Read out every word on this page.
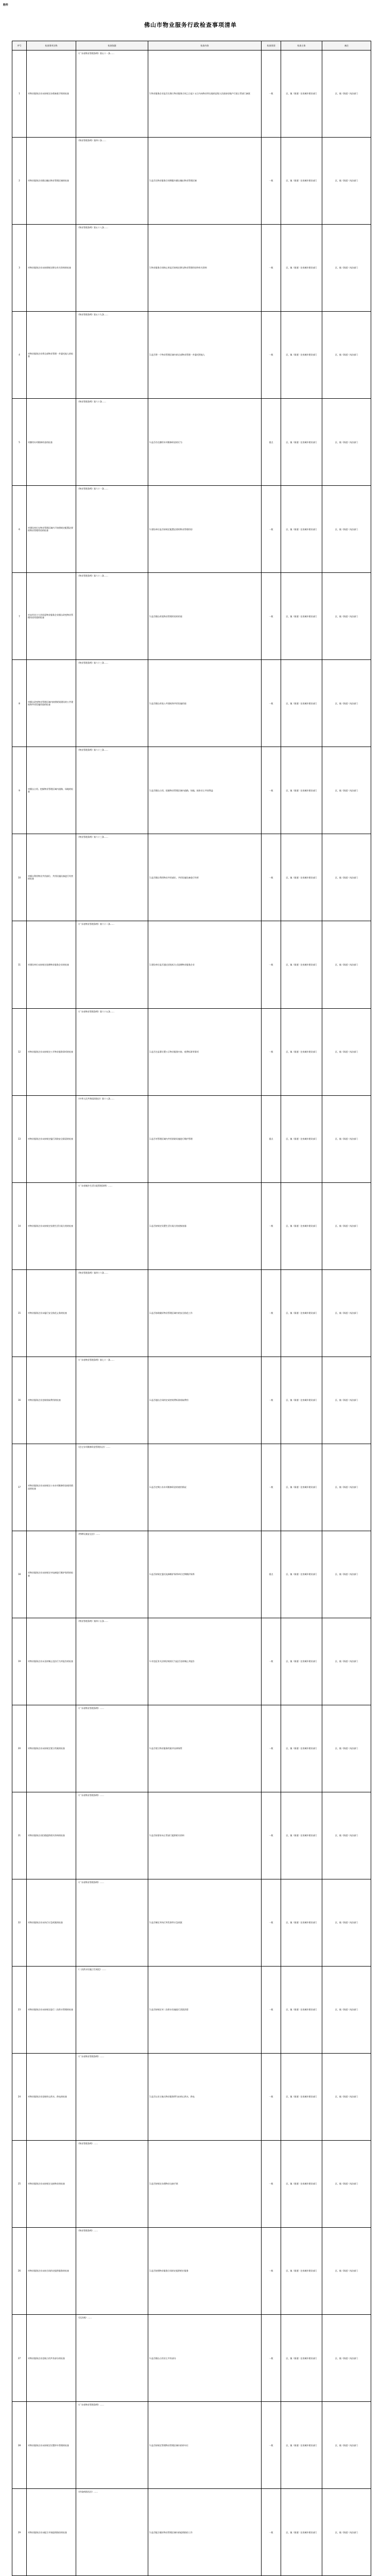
附件
佛山市物业服务行政检查事项清单
序号	检查事项名称	检查依据	检查内容	检查类别	检查主体	备注
1	对物业服务企业未按规定办理备案手续的检查	《广东省物业管理条例》第五十一条……	1.物业服务企业是否在签订物业服务合同之日起十五日内向物业所在地的县级人民政府房地产行政主管部门备案	一般	区、镇（街道）住房城乡建设部门	区、镇（街道）执法部门
2	对物业服务企业擅自撤出物业管理区域的检查	《物业管理条例》第四十条……	1.是否在物业服务合同期限内擅自撤出物业管理区域	一般	区、镇（街道）住房城乡建设部门	区、镇（街道）执法部门
3	对物业服务企业未按照规定移交有关资料的检查	《物业管理条例》第五十八条……	1.物业服务合同终止时是否按规定移交物业管理用房和有关资料	一般	区、镇（街道）住房城乡建设部门	区、镇（街道）执法部门
4	对物业服务企业将全部物业管理一并委托他人的检查	《物业管理条例》第五十九条……	1.是否将一个物业管理区域内的全部物业管理一并委托给他人	一般	区、镇（街道）住房城乡建设部门	区、镇（街道）执法部门
5	对挪用专项维修资金的检查	《物业管理条例》第六十条……	1.是否存在挪用专项维修资金的行为	重点	区、镇（街道）住房城乡建设部门	区、镇（街道）执法部门
6	对建设单位在物业管理区域内不按照规定配置必要的物业管理用房的检查	《物业管理条例》第六十一条……	1.建设单位是否按规定配置必要的物业管理用房	一般	区、镇（街道）住房城乡建设部门	区、镇（街道）执法部门
7	对未经业主大会同意物业服务企业擅自改变物业管理用房用途的检查	《物业管理条例》第六十二条……	1.是否擅自改变物业管理用房的用途	一般	区、镇（街道）住房城乡建设部门	区、镇（街道）执法部门
8	对擅自改变物业管理区域内按照规划建设的公共建筑和共用设施用途的检查	《物业管理条例》第六十三条……	1.是否擅自改变公共建筑和共用设施用途	一般	区、镇（街道）住房城乡建设部门	区、镇（街道）执法部门
9	对擅自占用、挖掘物业管理区域内道路、场地的检查	《物业管理条例》第六十三条……	1.是否擅自占用、挖掘物业管理区域内道路、场地，损害业主共同利益	一般	区、镇（街道）住房城乡建设部门	区、镇（街道）执法部门
10	对擅自利用物业共用部位、共用设施设备进行经营的检查	《物业管理条例》第六十三条……	1.是否擅自利用物业共用部位、共用设施设备进行经营	一般	区、镇（街道）住房城乡建设部门	区、镇（街道）执法部门
11	对建设单位未按规定选聘物业服务企业的检查	《广东省物业管理条例》第六十二条……	1.建设单位是否通过招投标方式选聘物业服务企业	一般	区、镇（街道）住房城乡建设部门	区、镇（街道）执法部门
12	对物业服务企业未按规定公开物业服务事项的检查	《广东省物业管理条例》第六十五条……	1.是否在显著位置公示物业服务内容、收费标准等事项	一般	区、镇（街道）住房城乡建设部门	区、镇（街道）执法部门
13	对物业服务企业未按规定履行消防安全职责的检查	《中华人民共和国消防法》第十八条……	1.是否对管理区域内共用消防设施进行维护管理	重点	区、镇（街道）住房城乡建设部门	区、镇（街道）执法部门
14	对物业服务企业未按规定处理生活垃圾分类的检查	《广东省城乡生活垃圾管理条例》……	1.是否按规定设置生活垃圾分类收集容器	一般	区、镇（街道）住房城乡建设部门	区、镇（街道）执法部门
15	对物业服务企业未履行安全防范义务的检查	《物业管理条例》第四十六条……	1.是否协助做好物业管理区域内的安全防范工作	一般	区、镇（街道）住房城乡建设部门	区、镇（街道）执法部门
16	对物业服务企业违规收取费用的检查	《广东省物业管理条例》第七十一条……	1.是否超出合同约定或者收费标准收取费用	一般	区、镇（街道）住房城乡建设部门	区、镇（街道）执法部门
17	对物业服务企业未按规定公布专项维修资金使用情况的检查	《住宅专项维修资金管理办法》……	1.是否定期公布专项维修资金的使用情况	一般	区、镇（街道）住房城乡建设部门	区、镇（街道）执法部门
18	对物业服务企业未按规定对电梯进行维护保养的检查	《特种设备安全法》……	1.是否按规定委托电梯维护保养单位定期维护保养	重点	区、镇（街道）住房城乡建设部门	区、镇（街道）执法部门
19	对物业服务企业未及时制止违法行为并报告的检查	《物业管理条例》第四十五条……	1.对违反有关法律法规的行为是否及时制止并报告	一般	区、镇（街道）住房城乡建设部门	区、镇（街道）执法部门
20	对物业服务企业未按规定建立档案的检查	《广东省物业管理条例》……	1.是否建立物业服务档案并妥善保管	一般	区、镇（街道）住房城乡建设部门	区、镇（街道）执法部门
21	对物业服务企业拒绝提供相关资料的检查	《广东省物业管理条例》……	1.是否按要求向主管部门提供相关资料	一般	区、镇（街道）住房城乡建设部门	区、镇（街道）执法部门
22	对物业服务企业未执行应急预案的检查	《广东省物业管理条例》……	1.是否制定并执行突发事件应急预案	一般	区、镇（街道）住房城乡建设部门	区、镇（街道）执法部门
23	对物业服务企业未按规定进行二次供水管理的检查	《二次供水设施卫生规范》……	1.是否按规定对二次供水设施进行清洗消毒	一般	区、镇（街道）住房城乡建设部门	区、镇（街道）执法部门
24	对物业服务企业违规停止供水、供电的检查	《广东省物业管理条例》……	1.是否以业主拖欠物业服务费为由停止供水、供电	一般	区、镇（街道）住房城乡建设部门	区、镇（街道）执法部门
25	对物业服务企业未按规定交接物业的检查	《物业管理条例》……	1.是否按规定办理物业交接手续	一般	区、镇（街道）住房城乡建设部门	区、镇（街道）执法部门
26	对物业服务企业未按合同约定提供服务的检查	《物业管理条例》……	1.是否按照物业服务合同约定提供相应服务	一般	区、镇（街道）住房城乡建设部门	区、镇（街道）执法部门
27	对物业服务企业违规占用共有部分的检查	《民法典》……	1.是否擅自占用业主共有部分	一般	区、镇（街道）住房城乡建设部门	区、镇（街道）执法部门
28	对物业服务企业未按规定设置停车管理的检查	《广东省物业管理条例》……	1.是否按规定管理物业管理区域内的停车位	一般	区、镇（街道）住房城乡建设部门	区、镇（街道）执法部门
29	对物业服务企业未配合开展疫情防控的检查	《传染病防治法》……	1.是否配合做好物业管理区域内的疫情防控工作	一般	区、镇（街道）住房城乡建设部门	区、镇（街道）执法部门
